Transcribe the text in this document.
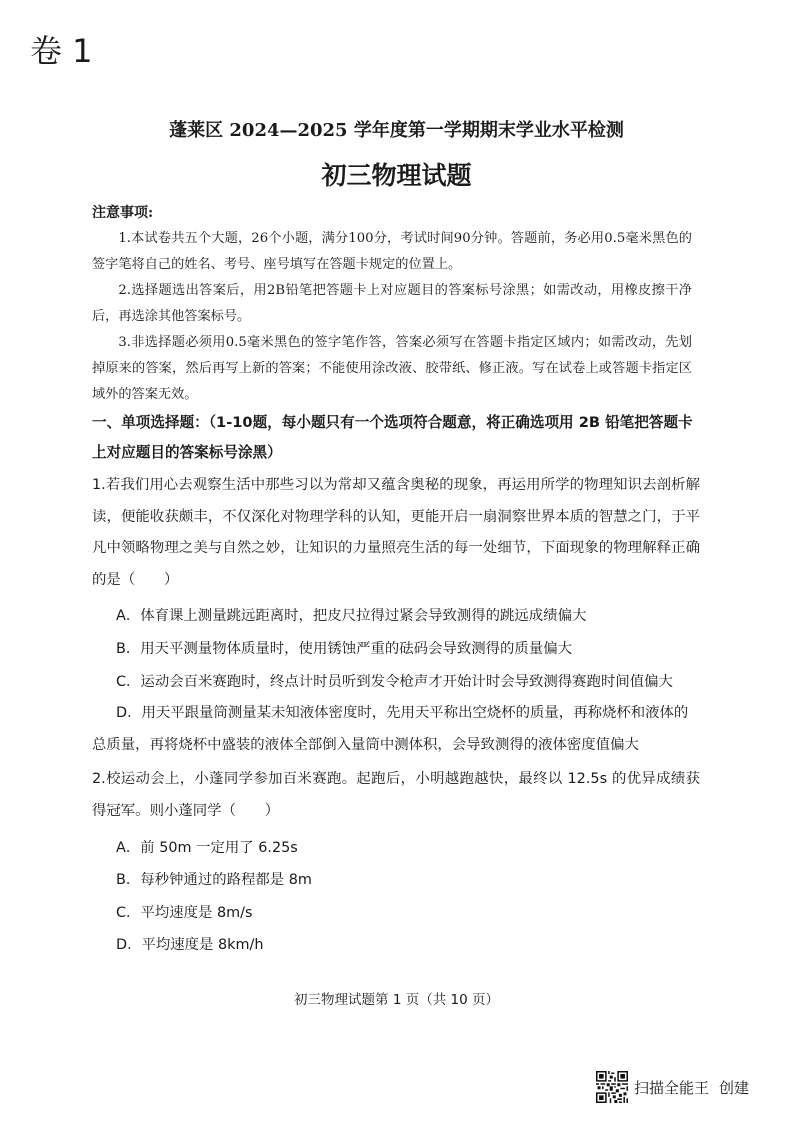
卷 1
蓬莱区 2024—2025 学年度第一学期期末学业水平检测
初三物理试题
注意事项:
1.本试卷共五个大题，26个小题，满分100分，考试时间90分钟。答题前，务必用0.5毫米黑色的签字笔将自己的姓名、考号、座号填写在答题卡规定的位置上。
2.选择题选出答案后，用2B铅笔把答题卡上对应题目的答案标号涂黑；如需改动，用橡皮擦干净后，再选涂其他答案标号。
3.非选择题必须用0.5毫米黑色的签字笔作答，答案必须写在答题卡指定区域内；如需改动，先划掉原来的答案，然后再写上新的答案；不能使用涂改液、胶带纸、修正液。写在试卷上或答题卡指定区域外的答案无效。
一、单项选择题：（1-10题，每小题只有一个选项符合题意，将正确选项用 2B 铅笔把答题卡上对应题目的答案标号涂黑）
1.若我们用心去观察生活中那些习以为常却又蕴含奥秘的现象，再运用所学的物理知识去剖析解读，便能收获颇丰，不仅深化对物理学科的认知，更能开启一扇洞察世界本质的智慧之门，于平凡中领略物理之美与自然之妙，让知识的力量照亮生活的每一处细节，下面现象的物理解释正确的是（　　）
A．体育课上测量跳远距离时，把皮尺拉得过紧会导致测得的跳远成绩偏大
B．用天平测量物体质量时，使用锈蚀严重的砝码会导致测得的质量偏大
C．运动会百米赛跑时，终点计时员听到发令枪声才开始计时会导致测得赛跑时间值偏大
D．用天平跟量筒测量某未知液体密度时，先用天平称出空烧杯的质量，再称烧杯和液体的总质量，再将烧杯中盛装的液体全部倒入量筒中测体积，会导致测得的液体密度值偏大
2.校运动会上，小蓬同学参加百米赛跑。起跑后，小明越跑越快，最终以 12.5s 的优异成绩获得冠军。则小蓬同学（　　）
A．前 50m 一定用了 6.25s
B．每秒钟通过的路程都是 8m
C．平均速度是 8m/s
D．平均速度是 8km/h
初三物理试题第 1 页（共 10 页）
扫描全能王 创建
